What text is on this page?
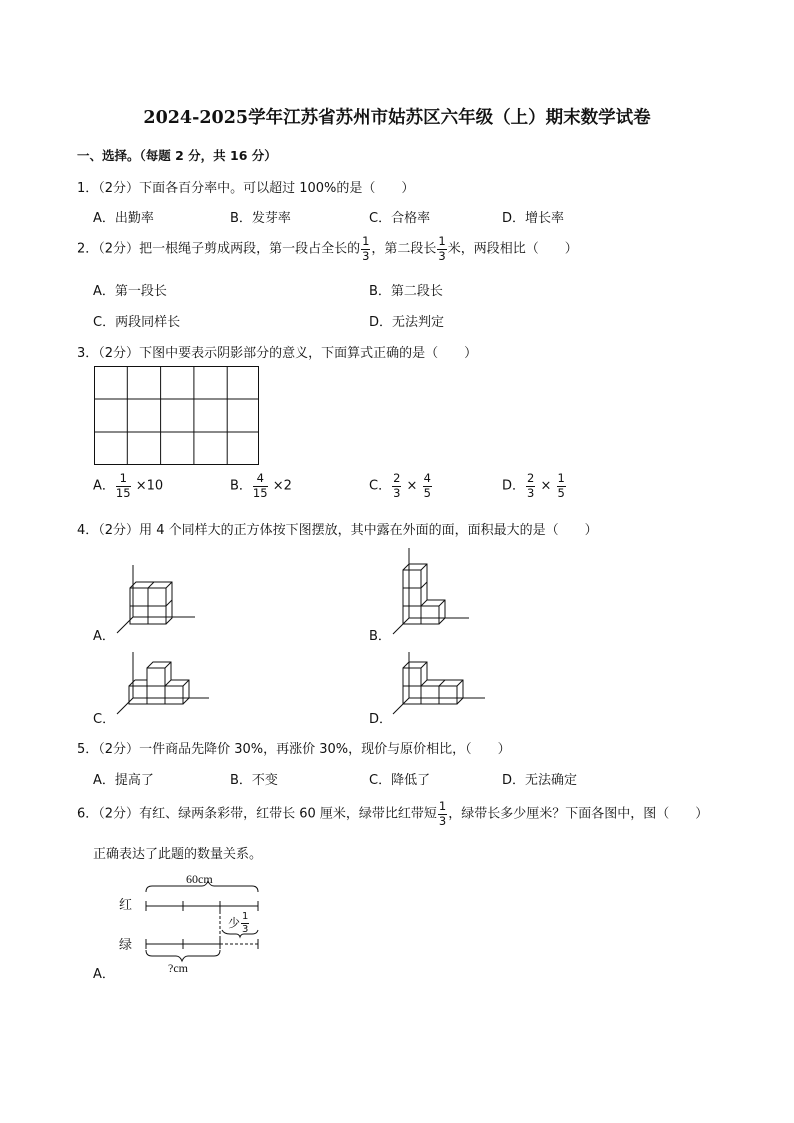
2024-2025学年江苏省苏州市姑苏区六年级（上）期末数学试卷
一、选择。（每题 2 分，共 16 分）
1．（2分）下面各百分率中。可以超过 100%的是（　　）
A．出勤率	B．发芽率	C．合格率	D．增长率
2．（2分）把一根绳子剪成两段，第一段占全长的 $\frac{1}{3}$ ，第二段长 $\frac{1}{3}$ 米，两段相比（　　）
A．第一段长	B．第二段长
C．两段同样长	D．无法判定
3．（2分）下图中要表示阴影部分的意义，下面算式正确的是（　　）
A． $\frac{1}{15} \times 10$	B． $\frac{4}{15} \times 2$	C． $\frac{2}{3} \times \frac{4}{5}$	D． $\frac{2}{3} \times \frac{1}{5}$
4．（2分）用 4 个同样大的正方体按下图摆放，其中露在外面的面，面积最大的是（　　）
A．	B．
C．	D．
5．（2分）一件商品先降价 30%，再涨价 30%，现价与原价相比，（　　）
A．提高了	B．不变	C．降低了	D．无法确定
6．（2分）有红、绿两条彩带，红带长 60 厘米，绿带比红带短 $\frac{1}{3}$ ，绿带长多少厘米？下面各图中，图（　　）
正确表达了此题的数量关系。
60cm
红
绿
少 $\frac{1}{3}$
?cm
A．
